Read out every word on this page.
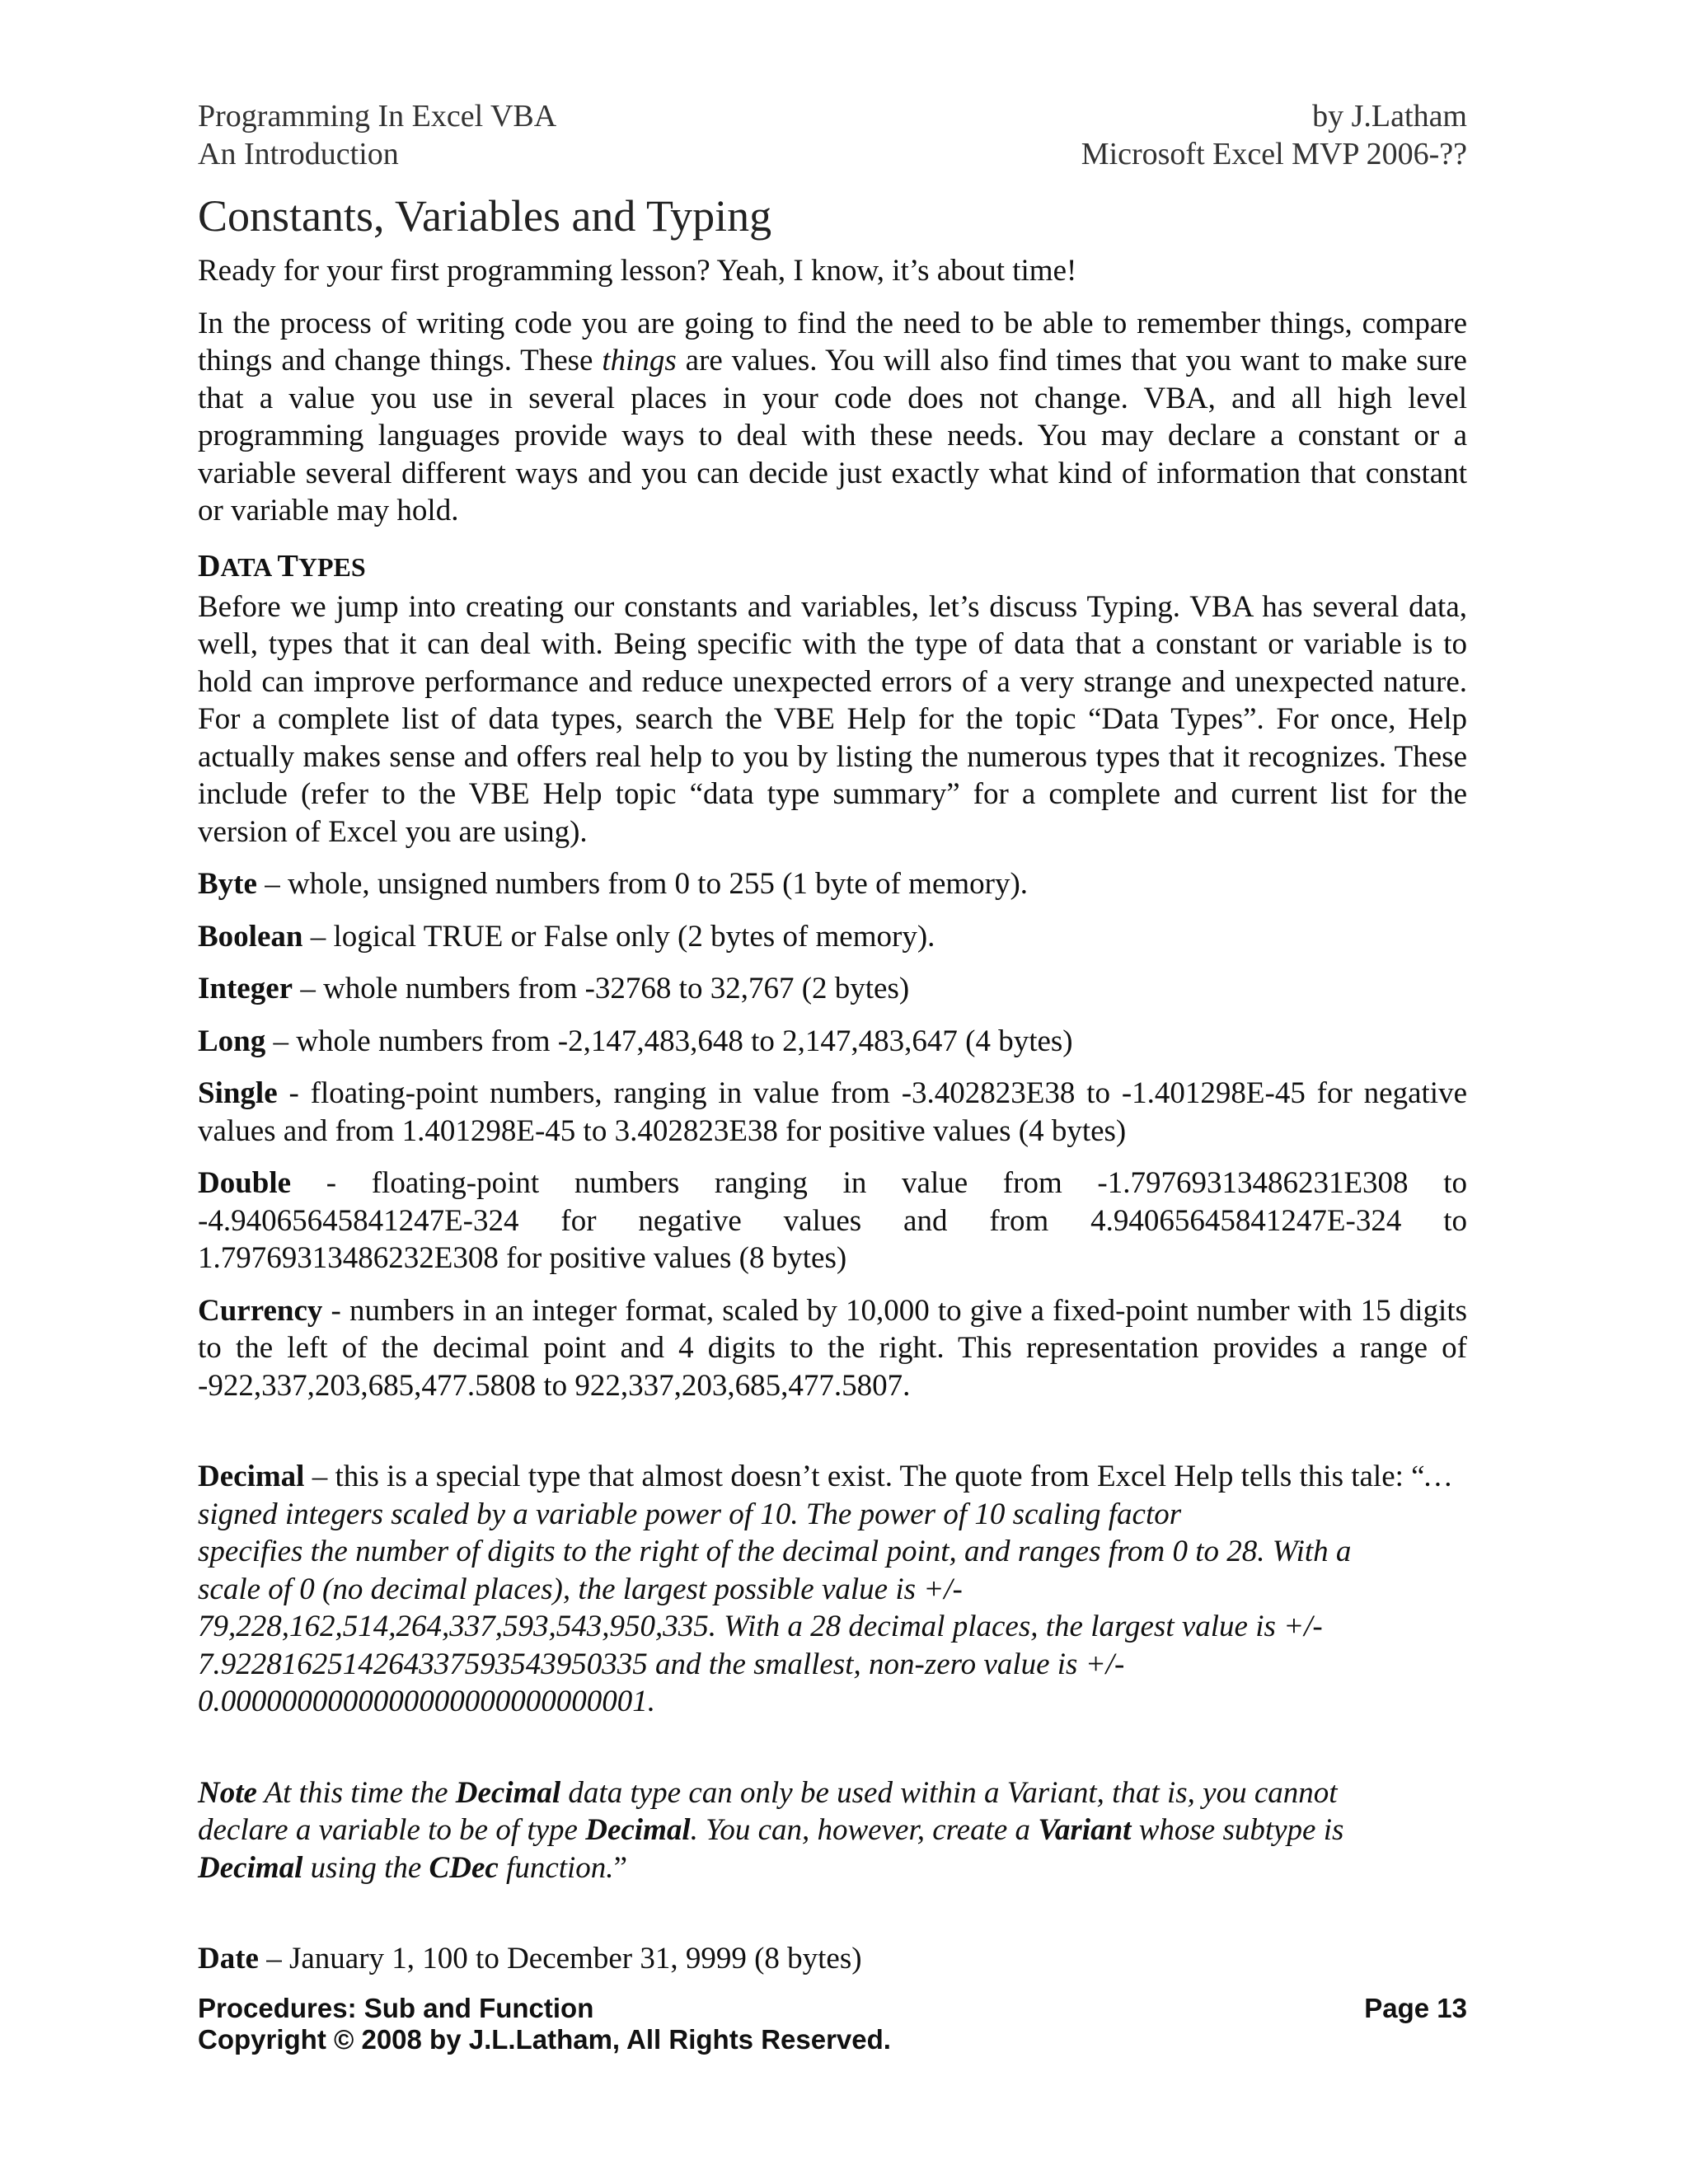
Programming In Excel VBA
An Introduction
by J.Latham
Microsoft Excel MVP 2006-??
Constants, Variables and Typing

Ready for your first programming lesson? Yeah, I know, it’s about time!

In the process of writing code you are going to find the need to be able to remember things, compare things and change things. These things are values. You will also find times that you want to make sure that a value you use in several places in your code does not change. VBA, and all high level programming languages provide ways to deal with these needs. You may declare a constant or a variable several different ways and you can decide just exactly what kind of information that constant or variable may hold.

DATA TYPES

Before we jump into creating our constants and variables, let’s discuss Typing. VBA has several data, well, types that it can deal with. Being specific with the type of data that a constant or variable is to hold can improve performance and reduce unexpected errors of a very strange and unexpected nature. For a complete list of data types, search the VBE Help for the topic “Data Types”. For once, Help actually makes sense and offers real help to you by listing the numerous types that it recognizes. These include (refer to the VBE Help topic “data type summary” for a complete and current list for the version of Excel you are using).

Byte – whole, unsigned numbers from 0 to 255 (1 byte of memory).

Boolean – logical TRUE or False only (2 bytes of memory).

Integer – whole numbers from -32768 to 32,767 (2 bytes)

Long – whole numbers from -2,147,483,648 to 2,147,483,647 (4 bytes)

Single - floating-point numbers, ranging in value from -3.402823E38 to -1.401298E-45 for negative values and from 1.401298E-45 to 3.402823E38 for positive values (4 bytes)

Double - floating-point numbers ranging in value from -1.79769313486231E308 to -4.94065645841247E-324 for negative values and from 4.94065645841247E-324 to 1.79769313486232E308 for positive values (8 bytes)

Currency - numbers in an integer format, scaled by 10,000 to give a fixed-point number with 15 digits to the left of the decimal point and 4 digits to the right. This representation provides a range of -922,337,203,685,477.5808 to 922,337,203,685,477.5807.

Decimal – this is a special type that almost doesn’t exist. The quote from Excel Help tells this tale: “…signed integers scaled by a variable power of 10. The power of 10 scaling factor
specifies the number of digits to the right of the decimal point, and ranges from 0 to 28. With a
scale of 0 (no decimal places), the largest possible value is +/-
79,228,162,514,264,337,593,543,950,335. With a 28 decimal places, the largest value is +/-
7.9228162514264337593543950335 and the smallest, non-zero value is +/-
0.0000000000000000000000000001.

Note At this time the Decimal data type can only be used within a Variant, that is, you cannot
declare a variable to be of type Decimal. You can, however, create a Variant whose subtype is
Decimal using the CDec function.”

Date – January 1, 100 to December 31, 9999 (8 bytes)

Procedures: Sub and Function	Page 13
Copyright © 2008 by J.L.Latham, All Rights Reserved.
